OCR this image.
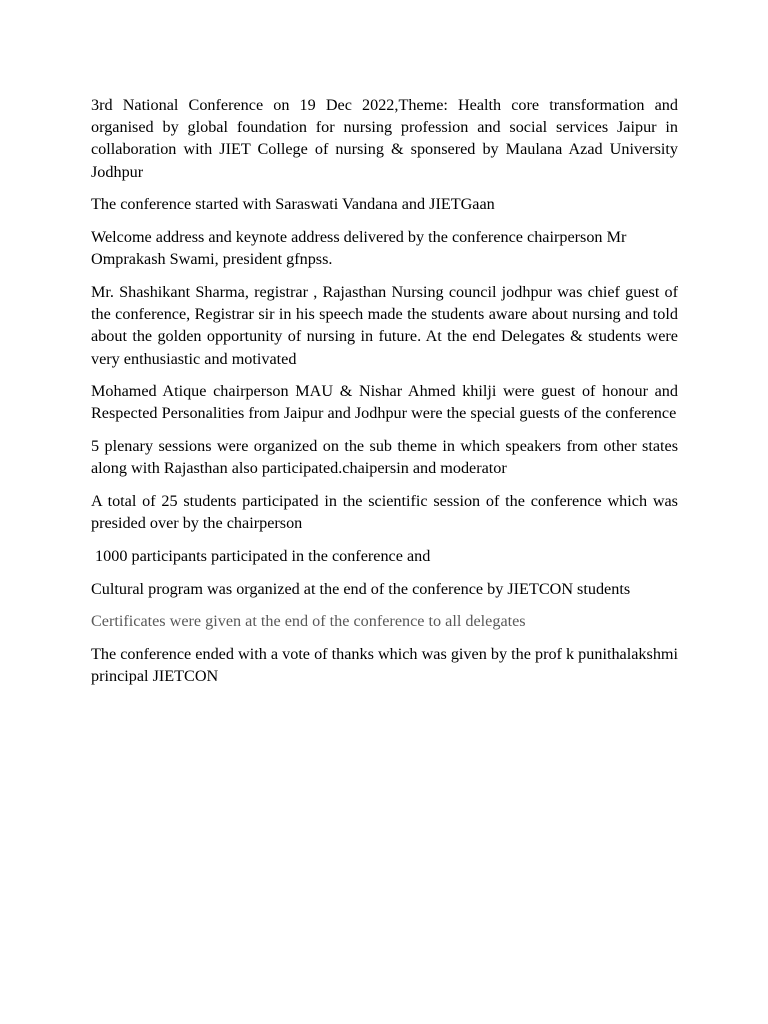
3rd National Conference on 19 Dec 2022,Theme: Health core transformation and organised by global foundation for nursing profession and social services Jaipur in collaboration with JIET College of nursing & sponsered by Maulana Azad University Jodhpur

The conference started with Saraswati Vandana and JIETGaan

Welcome address and keynote address delivered by the conference chairperson Mr Omprakash Swami, president gfnpss.

Mr. Shashikant Sharma, registrar , Rajasthan Nursing council jodhpur was chief guest of the conference, Registrar sir in his speech made the students aware about nursing and told about the golden opportunity of nursing in future. At the end Delegates & students were very enthusiastic and motivated

Mohamed Atique chairperson MAU & Nishar Ahmed khilji were guest of honour and Respected Personalities from Jaipur and Jodhpur were the special guests of the conference

5 plenary sessions were organized on the sub theme in which speakers from other states along with Rajasthan also participated.chaipersin and moderator

A total of 25 students participated in the scientific session of the conference which was presided over by the chairperson

1000 participants participated in the conference and

Cultural program was organized at the end of the conference by JIETCON students

Certificates were given at the end of the conference to all delegates

The conference ended with a vote of thanks which was given by the prof k punithalakshmi principal JIETCON
